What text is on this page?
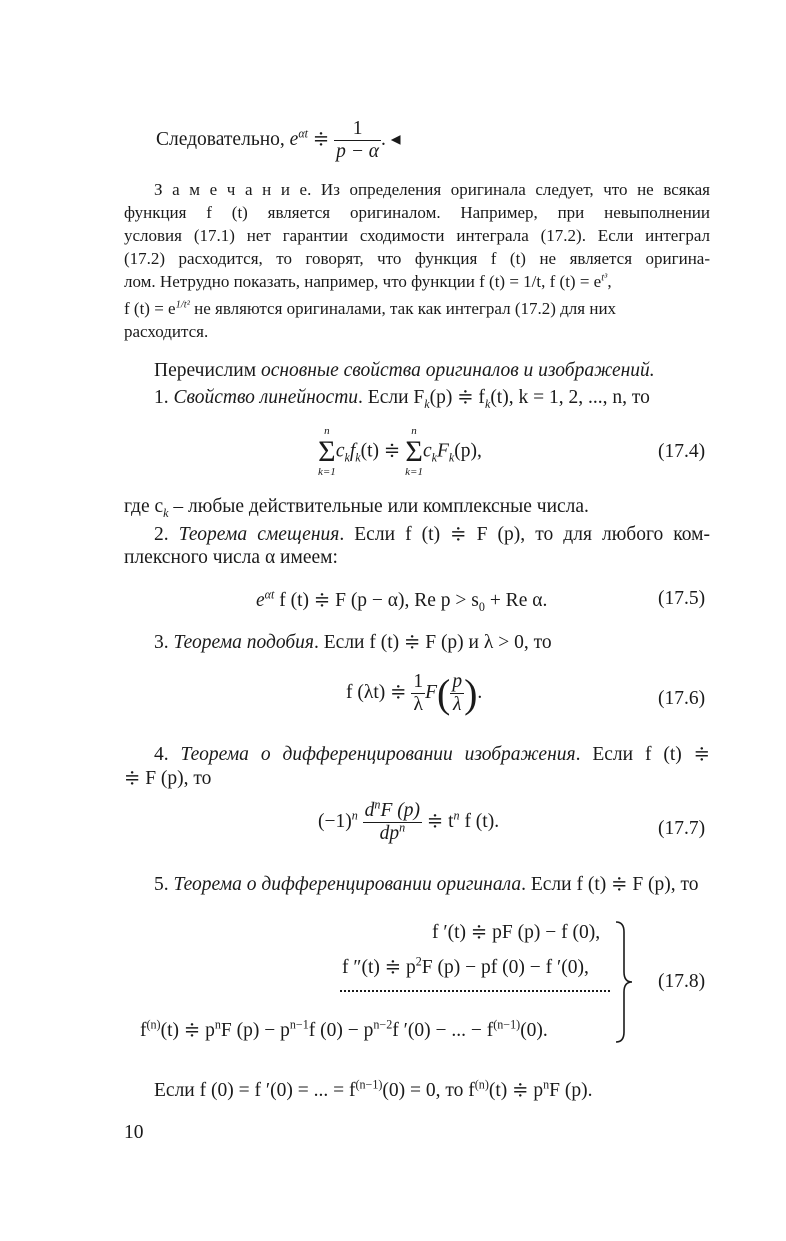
Следовательно, $e^{\alpha t}$ ≑ $\frac{1}{p - \alpha}$ . ◂
З а м е ч а н и е. Из определения оригинала следует, что не всякая
функция f (t) является оригиналом. Например, при невыполнении
условия (17.1) нет гарантии сходимости интеграла (17.2). Если интеграл
(17.2) расходится, то говорят, что функция f (t) не является оригина-
лом. Нетрудно показать, например, что функции f (t) = 1/t, f $(t) = e^{t^3}$,
f $(t) = e^{1/t^2}$ не являются оригиналами, так как интеграл (17.2) для них
расходится.
Перечислим основные свойства оригиналов и изображений.
1. Свойство линейности. Если $F_k(p)$ ≑ $f_k(t)$, k = 1, 2, ..., n, то
n
Σ
k=1
$c_kf_k(t)$ ≑
n
Σ
k=1
$c_kF_k(p)$,	(17.4)
где $c_k$ – любые действительные или комплексные числа.
2. Теорема смещения. Если f (t) ≑ F (p), то для любого ком-
плексного числа α имеем:
$e^{\alpha t}$ f (t) ≑ F (p − α), Re $p > s_0 + Re$ α.	(17.5)
3. Теорема подобия. Если f (t) ≑ F (p) и λ > 0, то
f (λt) ≑ $\frac{1}{\lambda} F( \frac{p}{\lambda}$ ).	(17.6)
4. Теорема о дифференцировании изображения. Если f (t) ≑
≑ F (p), то
$(-1)^n \frac{d^nF (p)}{dp^n}$ ≑ $t^n$ f (t).	(17.7)
5. Теорема о дифференцировании оригинала. Если f (t) ≑ F (p), то
f ′(t) ≑ pF (p) − f (0),
f ″(t) ≑ $p^2F$ (p) − pf (0) − f ′(0),
$f^{(n)}(t)$ ≑ $p^nF$ $(p) - p^{n-1}f$ $(0) - p^{n-2}f$ ′(0) − ... − $f^{(n-1)}(0)$.
(17.8)
Если f (0) = f ′(0) = ... = $f^{(n-1)}(0) = 0$, то $f^{(n)}(t)$ ≑ $p^nF$ (p).
10
